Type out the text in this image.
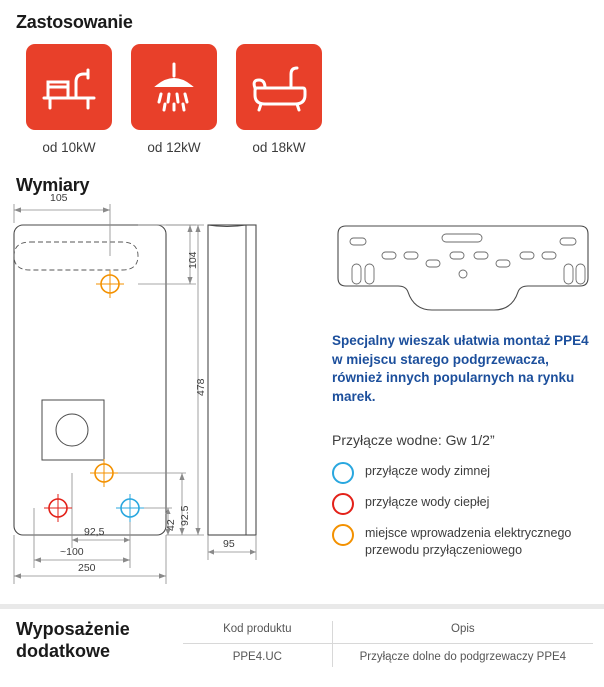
Zastosowanie
od 10kW	od 12kW	od 18kW
Wymiary
105
104
478
92.5
42
92,5
~100
250
95
Specjalny wieszak ułatwia montaż PPE4 w miejscu starego podgrzewacza, również innych popularnych na rynku marek.
Przyłącze wodne: Gw 1/2”
przyłącze wody zimnej
przyłącze wody ciepłej
miejsce wprowadzenia elektrycznego przewodu przyłączeniowego
Wyposażenie dodatkowe
Kod produktu	Opis
PPE4.UC	Przyłącze dolne do podgrzewaczy PPE4
